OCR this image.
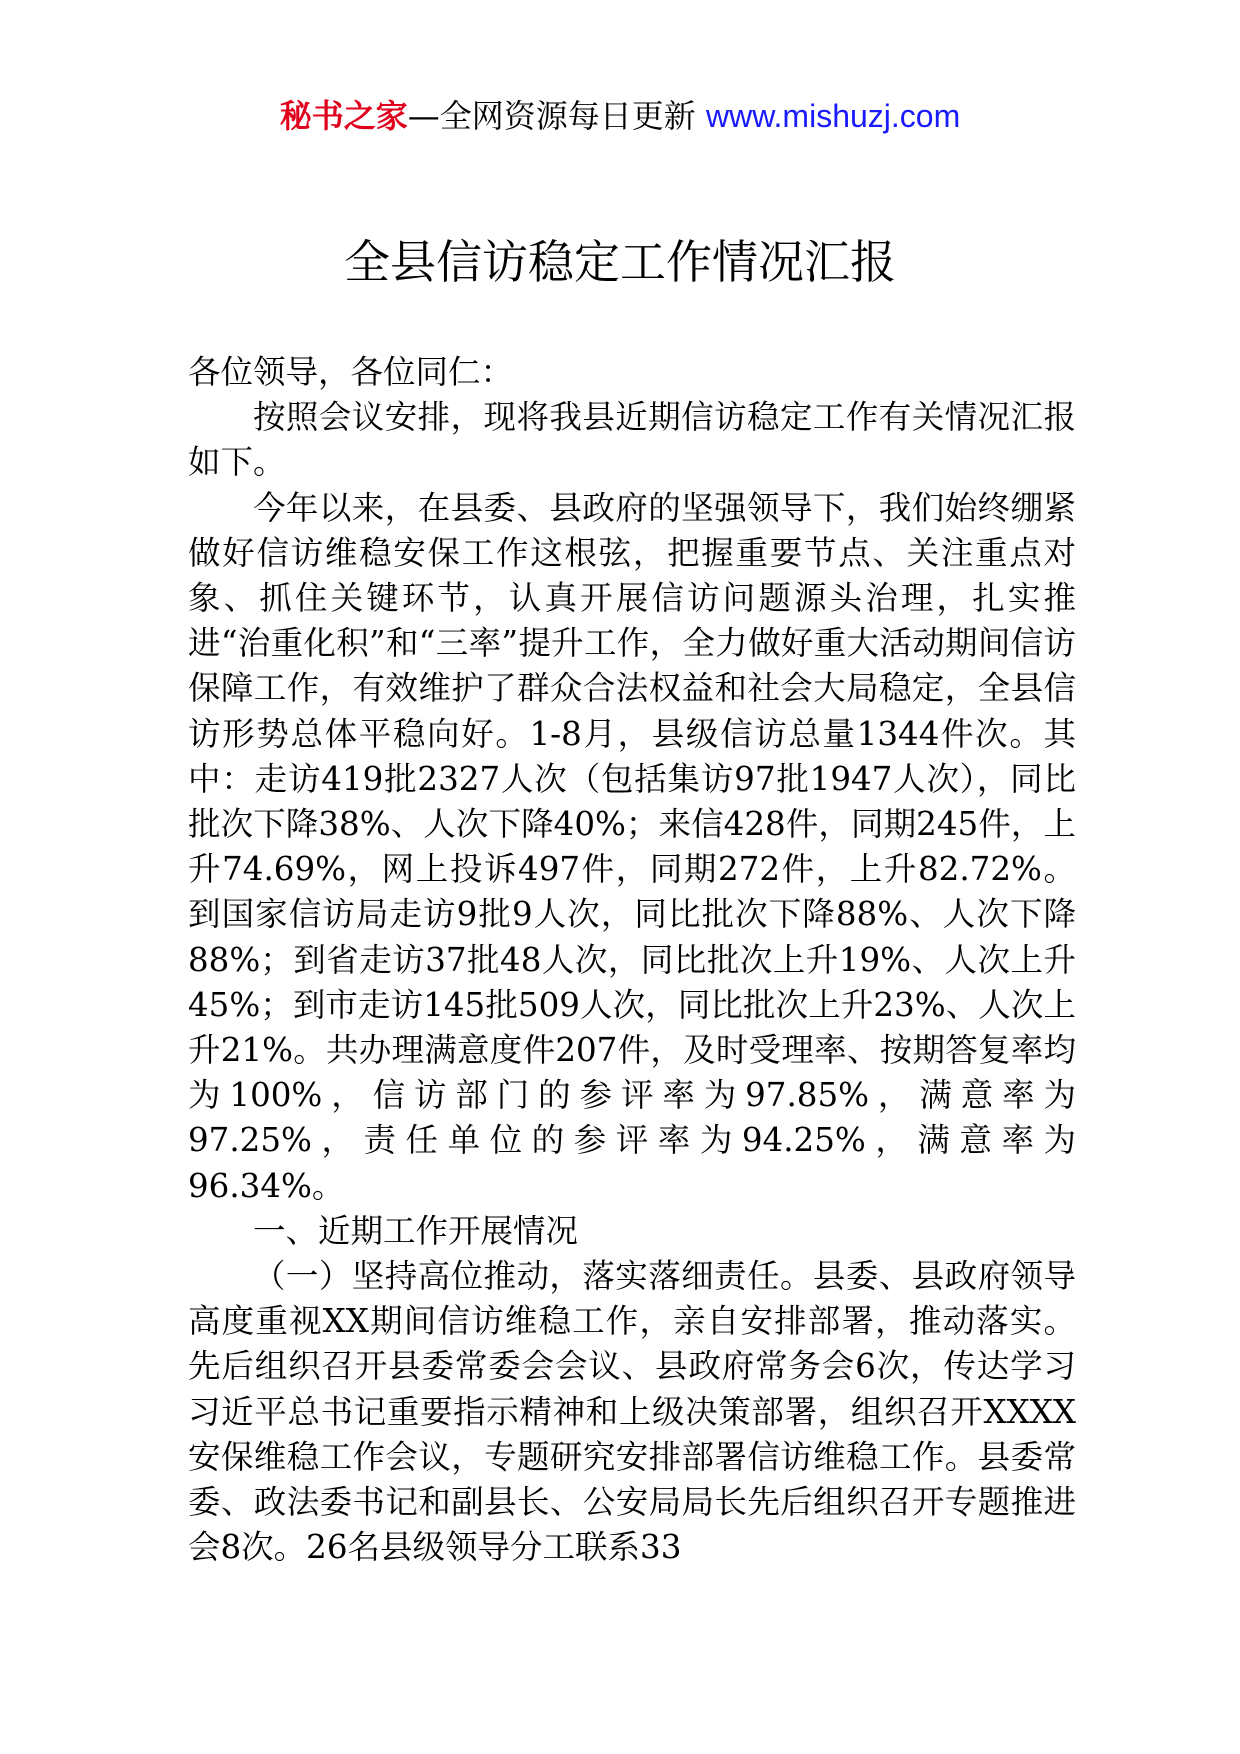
秘书之家—全网资源每日更新 www.mishuzj.com
全县信访稳定工作情况汇报

各位领导，各位同仁：

按照会议安排，现将我县近期信访稳定工作有关情况汇报如下。

今年以来，在县委、县政府的坚强领导下，我们始终绷紧做好信访维稳安保工作这根弦，把握重要节点、关注重点对象、抓住关键环节，认真开展信访问题源头治理，扎实推进“治重化积”和“三率”提升工作，全力做好重大活动期间信访保障工作，有效维护了群众合法权益和社会大局稳定，全县信访形势总体平稳向好。1-8月，县级信访总量1344件次。其中：走访419批2327人次（包括集访97批1947人次），同比批次下降38%、人次下降40%；来信428件，同期245件，上升74.69%，网上投诉497件，同期272件，上升82.72%。到国家信访局走访9批9人次，同比批次下降88%、人次下降88%；到省走访37批48人次，同比批次上升19%、人次上升45%；到市走访145批509人次，同比批次上升23%、人次上升21%。共办理满意度件207件，及时受理率、按期答复率均为100%，信访部门的参评率为97.85%，满意率为97.25%，责任单位的参评率为94.25%，满意率为96.34%。

一、近期工作开展情况

（一）坚持高位推动，落实落细责任。县委、县政府领导高度重视XX期间信访维稳工作，亲自安排部署，推动落实。先后组织召开县委常委会会议、县政府常务会6次，传达学习习近平总书记重要指示精神和上级决策部署，组织召开XXXX安保维稳工作会议，专题研究安排部署信访维稳工作。县委常委、政法委书记和副县长、公安局局长先后组织召开专题推进会8次。26名县级领导分工联系33
